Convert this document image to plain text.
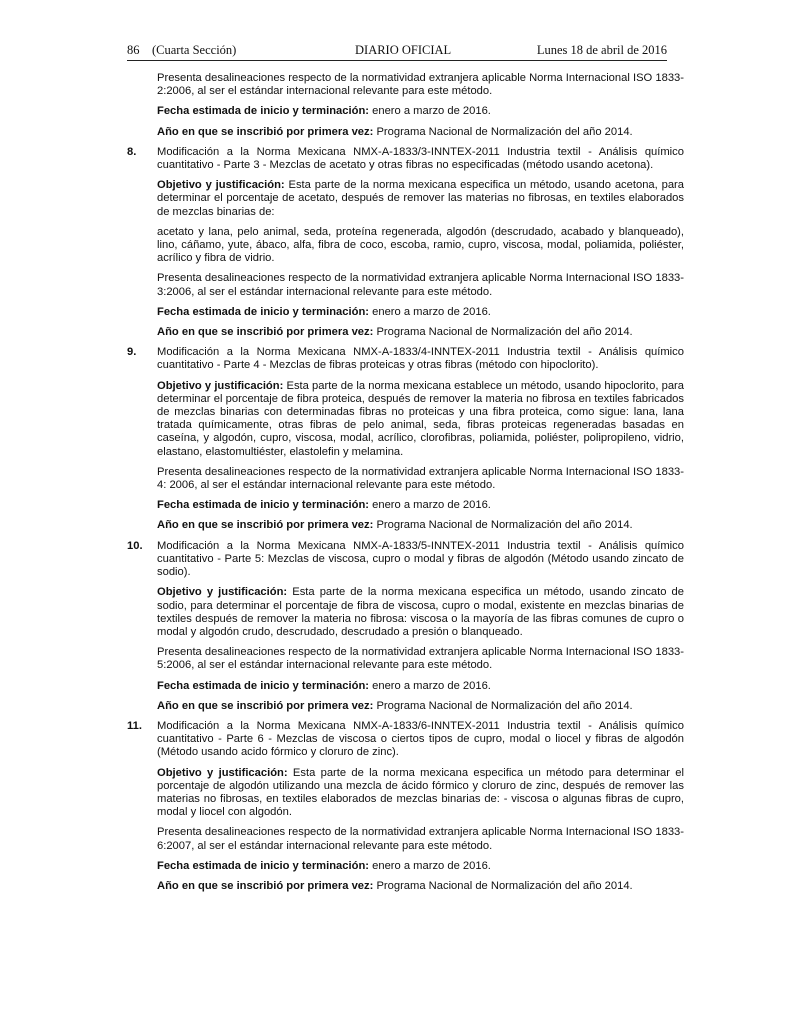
86 (Cuarta Sección)	DIARIO OFICIAL	Lunes 18 de abril de 2016

Presenta desalineaciones respecto de la normatividad extranjera aplicable Norma Internacional ISO 1833-2:2006, al ser el estándar internacional relevante para este método.

Fecha estimada de inicio y terminación: enero a marzo de 2016.

Año en que se inscribió por primera vez: Programa Nacional de Normalización del año 2014.

8. Modificación a la Norma Mexicana NMX-A-1833/3-INNTEX-2011 Industria textil - Análisis químico cuantitativo - Parte 3 - Mezclas de acetato y otras fibras no especificadas (método usando acetona).

Objetivo y justificación: Esta parte de la norma mexicana especifica un método, usando acetona, para determinar el porcentaje de acetato, después de remover las materias no fibrosas, en textiles elaborados de mezclas binarias de:

acetato y lana, pelo animal, seda, proteína regenerada, algodón (descrudado, acabado y blanqueado), lino, cáñamo, yute, ábaco, alfa, fibra de coco, escoba, ramio, cupro, viscosa, modal, poliamida, poliéster, acrílico y fibra de vidrio.

Presenta desalineaciones respecto de la normatividad extranjera aplicable Norma Internacional ISO 1833-3:2006, al ser el estándar internacional relevante para este método.

Fecha estimada de inicio y terminación: enero a marzo de 2016.

Año en que se inscribió por primera vez: Programa Nacional de Normalización del año 2014.

9. Modificación a la Norma Mexicana NMX-A-1833/4-INNTEX-2011 Industria textil - Análisis químico cuantitativo - Parte 4 - Mezclas de fibras proteicas y otras fibras (método con hipoclorito).

Objetivo y justificación: Esta parte de la norma mexicana establece un método, usando hipoclorito, para determinar el porcentaje de fibra proteica, después de remover la materia no fibrosa en textiles fabricados de mezclas binarias con determinadas fibras no proteicas y una fibra proteica, como sigue: lana, lana tratada químicamente, otras fibras de pelo animal, seda, fibras proteicas regeneradas basadas en caseína, y algodón, cupro, viscosa, modal, acrílico, clorofibras, poliamida, poliéster, polipropileno, vidrio, elastano, elastomultiéster, elastolefin y melamina.

Presenta desalineaciones respecto de la normatividad extranjera aplicable Norma Internacional ISO 1833- 4: 2006, al ser el estándar internacional relevante para este método.

Fecha estimada de inicio y terminación: enero a marzo de 2016.

Año en que se inscribió por primera vez: Programa Nacional de Normalización del año 2014.

10. Modificación a la Norma Mexicana NMX-A-1833/5-INNTEX-2011 Industria textil - Análisis químico cuantitativo - Parte 5: Mezclas de viscosa, cupro o modal y fibras de algodón (Método usando zincato de sodio).

Objetivo y justificación: Esta parte de la norma mexicana especifica un método, usando zincato de sodio, para determinar el porcentaje de fibra de viscosa, cupro o modal, existente en mezclas binarias de textiles después de remover la materia no fibrosa: viscosa o la mayoría de las fibras comunes de cupro o modal y algodón crudo, descrudado, descrudado a presión o blanqueado.

Presenta desalineaciones respecto de la normatividad extranjera aplicable Norma Internacional ISO 1833-5:2006, al ser el estándar internacional relevante para este método.

Fecha estimada de inicio y terminación: enero a marzo de 2016.

Año en que se inscribió por primera vez: Programa Nacional de Normalización del año 2014.

11. Modificación a la Norma Mexicana NMX-A-1833/6-INNTEX-2011 Industria textil - Análisis químico cuantitativo - Parte 6 - Mezclas de viscosa o ciertos tipos de cupro, modal o liocel y fibras de algodón (Método usando acido fórmico y cloruro de zinc).

Objetivo y justificación: Esta parte de la norma mexicana especifica un método para determinar el porcentaje de algodón utilizando una mezcla de ácido fórmico y cloruro de zinc, después de remover las materias no fibrosas, en textiles elaborados de mezclas binarias de: - viscosa o algunas fibras de cupro, modal y liocel con algodón.

Presenta desalineaciones respecto de la normatividad extranjera aplicable Norma Internacional ISO 1833-6:2007, al ser el estándar internacional relevante para este método.

Fecha estimada de inicio y terminación: enero a marzo de 2016.

Año en que se inscribió por primera vez: Programa Nacional de Normalización del año 2014.
